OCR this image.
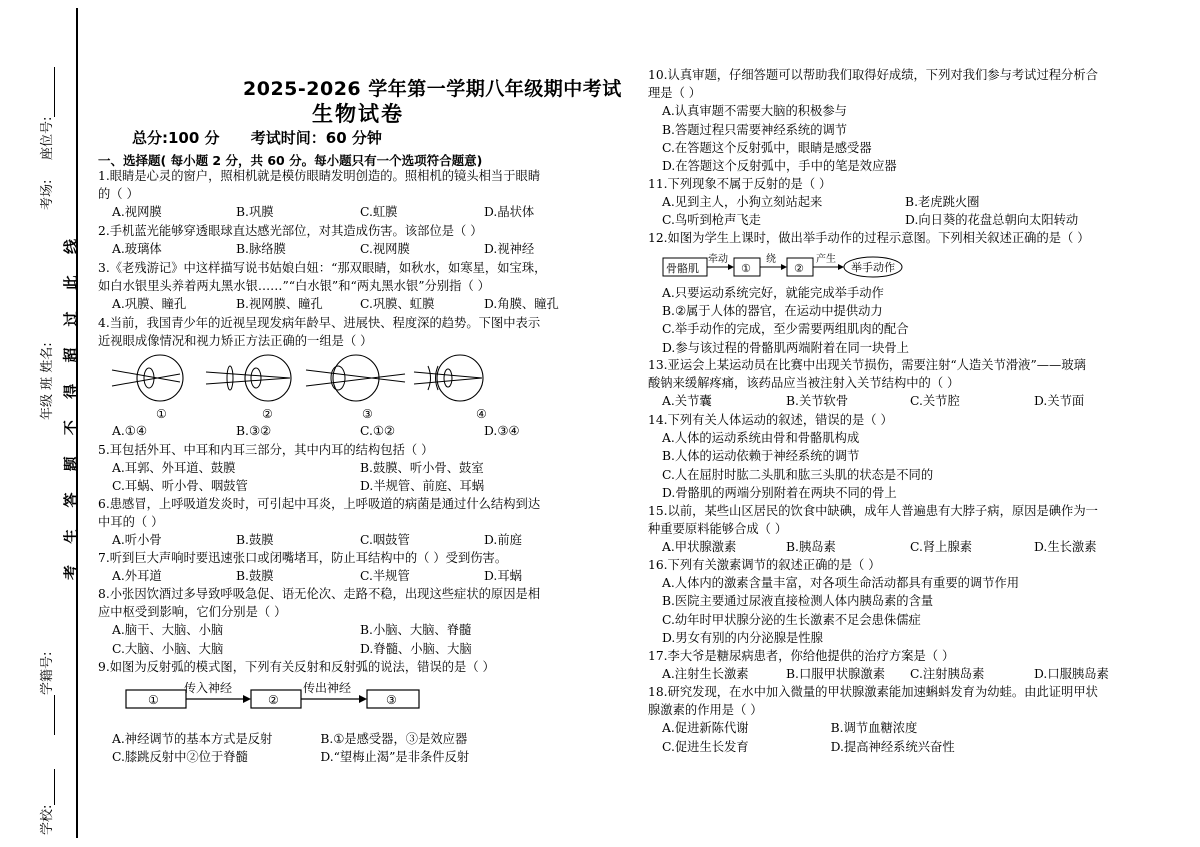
座位号:
考场:
年级 班 姓名:
学籍号:
学校:
考 生 答 题 不 得 超 过 此 线
2025-2026 学年第一学期八年级期中考试
生物试卷
总分:100 分 考试时间：60 分钟
一、选择题( 每小题 2 分，共 60 分。每小题只有一个选项符合题意)
1.眼睛是心灵的窗户，照相机就是模仿眼睛发明创造的。照相机的镜头相当于眼睛
的（ ）
A.视网膜	B.巩膜	C.虹膜	D.晶状体
2.手机蓝光能够穿透眼球直达感光部位，对其造成伤害。该部位是（ ）
A.玻璃体	B.脉络膜	C.视网膜	D.视神经
3.《老残游记》中这样描写说书姑娘白妞：“那双眼睛，如秋水，如寒星，如宝珠，
如白水银里头养着两丸黑水银……”“白水银”和“两丸黑水银”分别指（ ）
A.巩膜、瞳孔	B.视网膜、瞳孔	C.巩膜、虹膜	D.角膜、瞳孔
4.当前，我国青少年的近视呈现发病年龄早、进展快、程度深的趋势。下图中表示
近视眼成像情况和视力矫正方法正确的一组是（ ）
①	②	③	④
A.①④	B.③②	C.①②	D.③④
5.耳包括外耳、中耳和内耳三部分，其中内耳的结构包括（ ）
A.耳郭、外耳道、鼓膜	B.鼓膜、听小骨、鼓室
C.耳蜗、听小骨、咽鼓管	D.半规管、前庭、耳蜗
6.患感冒，上呼吸道发炎时，可引起中耳炎，上呼吸道的病菌是通过什么结构到达
中耳的（ ）
A.听小骨	B.鼓膜	C.咽鼓管	D.前庭
7.听到巨大声响时要迅速张口或闭嘴堵耳，防止耳结构中的（ ）受到伤害。
A.外耳道	B.鼓膜	C.半规管	D.耳蜗
8.小张因饮酒过多导致呼吸急促、语无伦次、走路不稳，出现这些症状的原因是相
应中枢受到影响，它们分别是（ ）
A.脑干、大脑、小脑	B.小脑、大脑、脊髓
C.大脑、小脑、大脑	D.脊髓、小脑、大脑
9.如图为反射弧的模式图，下列有关反射和反射弧的说法，错误的是（ ）
①
传入神经
②
传出神经
③
A.神经调节的基本方式是反射	B.①是感受器，③是效应器
C.膝跳反射中②位于脊髓	D.“望梅止渴”是非条件反射
10.认真审题，仔细答题可以帮助我们取得好成绩，下列对我们参与考试过程分析合
理是（ ）
A.认真审题不需要大脑的积极参与
B.答题过程只需要神经系统的调节
C.在答题这个反射弧中，眼睛是感受器
D.在答题这个反射弧中，手中的笔是效应器
11.下列现象不属于反射的是（ ）
A.见到主人，小狗立刻站起来	B.老虎跳火圈
C.鸟听到枪声飞走	D.向日葵的花盘总朝向太阳转动
12.如图为学生上课时，做出举手动作的过程示意图。下列相关叙述正确的是（ ）
骨骼肌
牵动
①
绕
②
产生
举手动作
A.只要运动系统完好，就能完成举手动作
B.②属于人体的器官，在运动中提供动力
C.举手动作的完成，至少需要两组肌肉的配合
D.参与该过程的骨骼肌两端附着在同一块骨上
13.亚运会上某运动员在比赛中出现关节损伤，需要注射“人造关节滑液”——玻璃
酸钠来缓解疼痛，该药品应当被注射入关节结构中的（ ）
A.关节囊	B.关节软骨	C.关节腔	D.关节面
14.下列有关人体运动的叙述，错误的是（ ）
A.人体的运动系统由骨和骨骼肌构成
B.人体的运动依赖于神经系统的调节
C.人在屈肘时肱二头肌和肱三头肌的状态是不同的
D.骨骼肌的两端分别附着在两块不同的骨上
15.以前，某些山区居民的饮食中缺碘，成年人普遍患有大脖子病，原因是碘作为一
种重要原料能够合成（ ）
A.甲状腺激素	B.胰岛素	C.肾上腺素	D.生长激素
16.下列有关激素调节的叙述正确的是（ ）
A.人体内的激素含量丰富，对各项生命活动都具有重要的调节作用
B.医院主要通过尿液直接检测人体内胰岛素的含量
C.幼年时甲状腺分泌的生长激素不足会患侏儒症
D.男女有别的内分泌腺是性腺
17.李大爷是糖尿病患者，你给他提供的治疗方案是（ ）
A.注射生长激素	B.口服甲状腺激素	C.注射胰岛素	D.口服胰岛素
18.研究发现，在水中加入微量的甲状腺激素能加速蝌蚪发育为幼蛙。由此证明甲状
腺激素的作用是（ ）
A.促进新陈代谢	B.调节血糖浓度
C.促进生长发育	D.提高神经系统兴奋性
